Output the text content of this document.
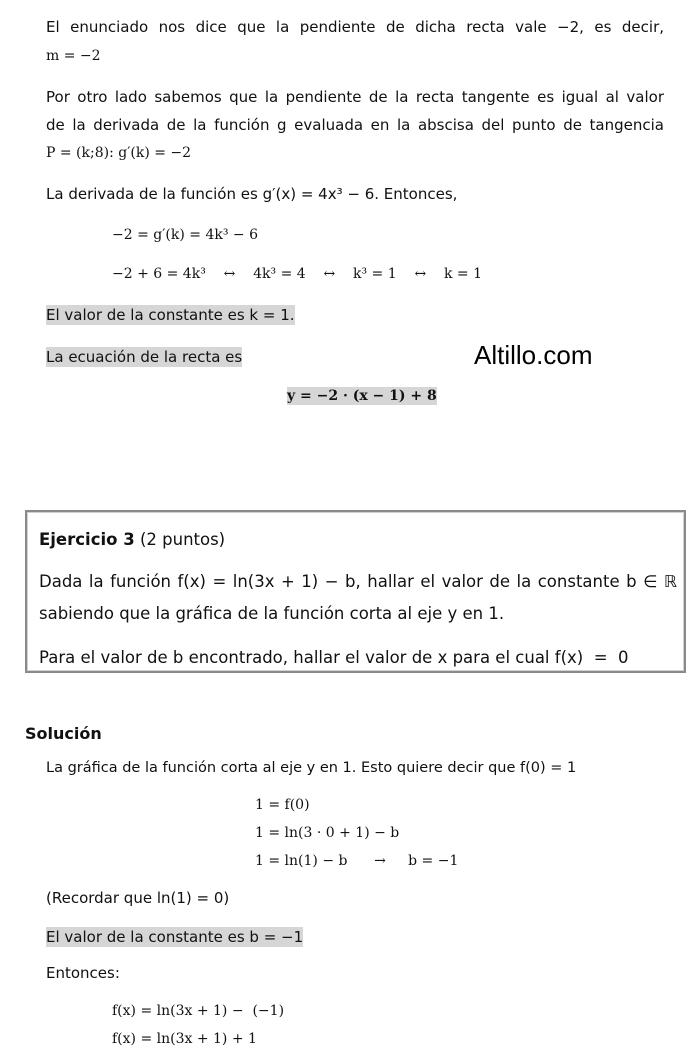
El enunciado nos dice que la pendiente de dicha recta vale −2, es decir,
m = −2
Por otro lado sabemos que la pendiente de la recta tangente es igual al valor
de la derivada de la función g evaluada en la abscisa del punto de tangencia
P = (k;8): g′(k) = −2
La derivada de la función es g′(x) = 4x³ − 6. Entonces,
−2 = g′(k) = 4k³ − 6
−2 + 6 = 4k³    ↔    4k³ = 4    ↔    k³ = 1    ↔    k = 1
El valor de la constante es k = 1.
La ecuación de la recta es	Altillo.com
y = −2 · (x − 1) + 8
Ejercicio 3 (2 puntos)
Dada la función f(x) = ln(3x + 1) − b, hallar el valor de la constante b ∈ ℝ
sabiendo que la gráfica de la función corta al eje y en 1.
Para el valor de b encontrado, hallar el valor de x para el cual f(x)  =  0
Solución
La gráfica de la función corta al eje y en 1. Esto quiere decir que f(0) = 1
1 = f(0)
1 = ln(3 · 0 + 1) − b
1 = ln(1) − b      →     b = −1
(Recordar que ln(1) = 0)
El valor de la constante es b = −1
Entonces:
f(x) = ln(3x + 1) −  (−1)
f(x) = ln(3x + 1) + 1
